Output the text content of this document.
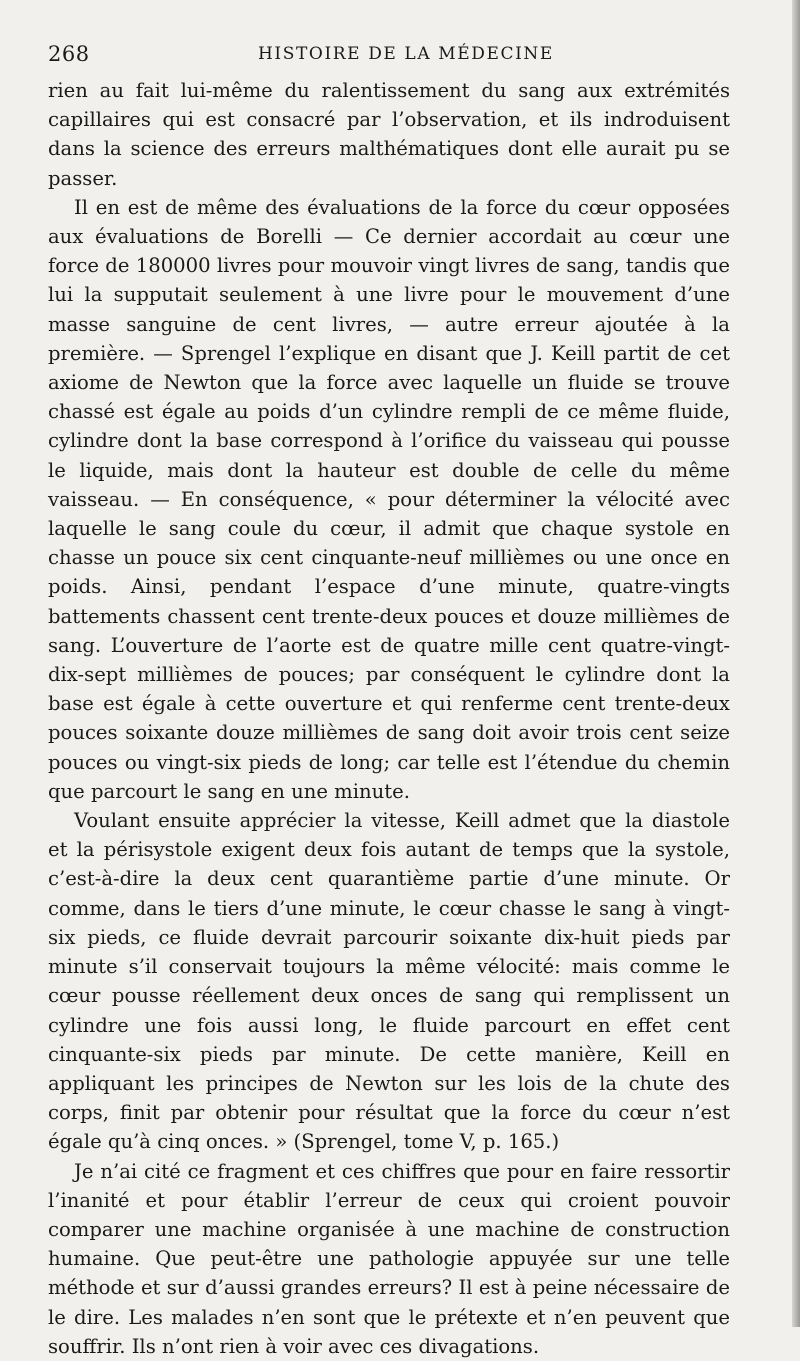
268	HISTOIRE DE LA MÉDECINE

rien au fait lui-même du ralentissement du sang aux extrémités capillaires qui est consacré par l’observation, et ils indroduisent dans la science des erreurs malthématiques dont elle aurait pu se passer.

Il en est de même des évaluations de la force du cœur opposées aux évaluations de Borelli — Ce dernier accordait au cœur une force de 180000 livres pour mouvoir vingt livres de sang, tandis que lui la supputait seulement à une livre pour le mouvement d’une masse sanguine de cent livres, — autre erreur ajoutée à la première. — Sprengel l’explique en disant que J. Keill partit de cet axiome de Newton que la force avec laquelle un fluide se trouve chassé est égale au poids d’un cylindre rempli de ce même fluide, cylindre dont la base correspond à l’orifice du vaisseau qui pousse le liquide, mais dont la hauteur est double de celle du même vaisseau. — En conséquence, « pour déterminer la vélocité avec laquelle le sang coule du cœur, il admit que chaque systole en chasse un pouce six cent cinquante-neuf millièmes ou une once en poids. Ainsi, pendant l’espace d’une minute, quatre-vingts battements chassent cent trente-deux pouces et douze millièmes de sang. L’ouverture de l’aorte est de quatre mille cent quatre-vingt-dix-sept millièmes de pouces; par conséquent le cylindre dont la base est égale à cette ouverture et qui renferme cent trente-deux pouces soixante douze millièmes de sang doit avoir trois cent seize pouces ou vingt-six pieds de long; car telle est l’étendue du chemin que parcourt le sang en une minute.

Voulant ensuite apprécier la vitesse, Keill admet que la diastole et la périsystole exigent deux fois autant de temps que la systole, c’est-à-dire la deux cent quarantième partie d’une minute. Or comme, dans le tiers d’une minute, le cœur chasse le sang à vingt-six pieds, ce fluide devrait parcourir soixante dix-huit pieds par minute s’il conservait toujours la même vélocité: mais comme le cœur pousse réellement deux onces de sang qui remplissent un cylindre une fois aussi long, le fluide parcourt en effet cent cinquante-six pieds par minute. De cette manière, Keill en appliquant les principes de Newton sur les lois de la chute des corps, finit par obtenir pour résultat que la force du cœur n’est égale qu’à cinq onces. » (Sprengel, tome V, p. 165.)

Je n’ai cité ce fragment et ces chiffres que pour en faire ressortir l’inanité et pour établir l’erreur de ceux qui croient pouvoir comparer une machine organisée à une machine de construction humaine. Que peut-être une pathologie appuyée sur une telle méthode et sur d’aussi grandes erreurs? Il est à peine nécessaire de le dire. Les malades n’en sont que le prétexte et n’en peuvent que souffrir. Ils n’ont rien à voir avec ces divagations.
